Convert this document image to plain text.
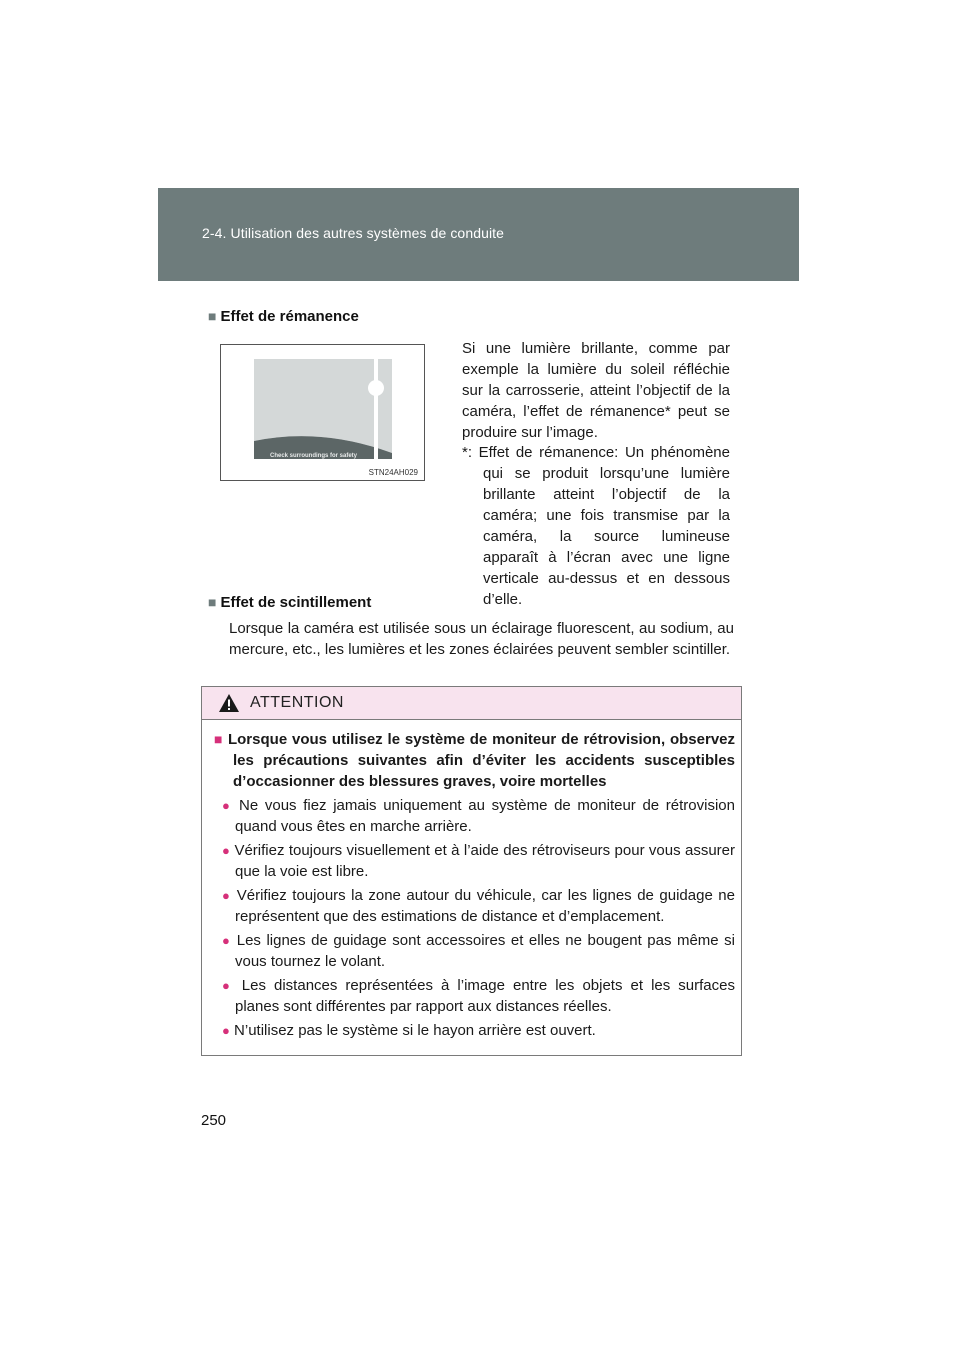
2-4. Utilisation des autres systèmes de conduite
■ Effet de rémanence
Check surroundings for safety
STN24AH029
Si une lumière brillante, comme par exemple la lumière du soleil réfléchie sur la carrosserie, atteint l’objectif de la caméra, l’effet de rémanence* peut se produire sur l’image.
*: Effet de rémanence: Un phénomène qui se produit lorsqu’une lumière brillante atteint l’objectif de la caméra; une fois transmise par la caméra, la source lumineuse apparaît à l’écran avec une ligne verticale au-dessus et en dessous d’elle.
■ Effet de scintillement
Lorsque la caméra est utilisée sous un éclairage fluorescent, au sodium, au mercure, etc., les lumières et les zones éclairées peuvent sembler scintiller.
ATTENTION
■ Lorsque vous utilisez le système de moniteur de rétrovision, observez les précautions suivantes afin d’éviter les accidents susceptibles d’occasionner des blessures graves, voire mortelles
● Ne vous fiez jamais uniquement au système de moniteur de rétrovision quand vous êtes en marche arrière.
● Vérifiez toujours visuellement et à l’aide des rétroviseurs pour vous assurer que la voie est libre.
● Vérifiez toujours la zone autour du véhicule, car les lignes de guidage ne représentent que des estimations de distance et d’emplacement.
● Les lignes de guidage sont accessoires et elles ne bougent pas même si vous tournez le volant.
● Les distances représentées à l’image entre les objets et les surfaces planes sont différentes par rapport aux distances réelles.
● N’utilisez pas le système si le hayon arrière est ouvert.
250
